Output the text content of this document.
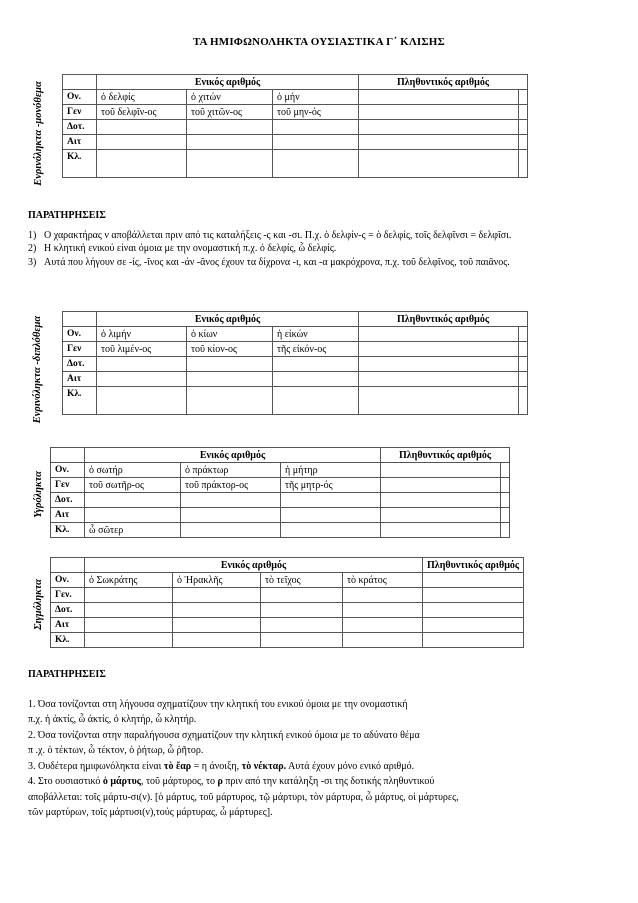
ΤΑ ΗΜΙΦΩΝΟΛΗΚΤΑ ΟΥΣΙΑΣΤΙΚΑ Γ΄ ΚΛΙΣΗΣ
Ενρινόληκτα -μονόθεμα
		Ενικός αριθμός			Πληθυντικός αριθμός	
Ον.	ὁ δελφίς	ὁ χιτών	ὁ μήν		
Γεν	τοῦ δελφῖν-ος	τοῦ χιτῶν-ος	τοῦ μην-ός		
Δοτ.					
Αιτ					
Κλ.					
ΠΑΡΑΤΗΡΗΣΕΙΣ
1) Ο χαρακτήρας ν αποβάλλεται πριν από τις καταλήξεις -ς και -σι. Π.χ. ὁ δελφίν-ς = ὁ δελφίς, τοῖς δελφῖνσι = δελφῖσι.
2) Η κλητική ενικού είναι όμοια με την ονομαστική π.χ. ὁ δελφίς, ὦ δελφίς.
3) Αυτά που λήγουν σε -ίς, -ῖνος και -άν -ᾶνος έχουν τα δίχρονα -ι, και -α μακρόχρονα, π.χ. τοῦ δελφῖνος, τοῦ παιᾶνος.
Ενρινόληκτα -διπλόθεμα
		Ενικός αριθμός			Πληθυντικός αριθμός	
Ον.	ὁ λιμήν	ὁ κίων	ἡ εἰκών		
Γεν	τοῦ λιμέν-ος	τοῦ κίον-ος	τῆς εἰκόν-ος		
Δοτ.					
Αιτ					
Κλ.					
Υγρόληκτα
	Ενικός αριθμός			Πληθυντικός αριθμός	
Ον.	ὁ σωτήρ	ὁ πράκτωρ	ἡ μήτηρ		
Γεν	τοῦ σωτῆρ-ος	τοῦ πράκτορ-ος	τῆς μητρ-ός		
Δοτ.					
Αιτ					
Κλ.	ὦ σῶτερ				
Σιγμόληκτα
	Ενικός αριθμός				Πληθυντικός αριθμός
Ον.	ὁ Σωκράτης	ὁ Ἡρακλῆς	τὸ τεῖχος	τὸ κράτος	
Γεν.					
Δοτ.					
Αιτ					
Κλ.					
ΠΑΡΑΤΗΡΗΣΕΙΣ
1. Όσα τονίζονται στη λήγουσα σχηματίζουν την κλητική του ενικού όμοια με την ονομαστική
π.χ. ἡ ἀκτίς, ὦ ἀκτίς, ὁ κλητήρ, ὦ κλητήρ.
2. Όσα τονίζονται στην παραλήγουσα σχηματίζουν την κλητική ενικού όμοια με το αδύνατο θέμα
π .χ. ὁ τέκτων, ὦ τέκτον, ὁ ῥήτωρ, ὦ ῥῆτορ.
3. Ουδέτερα ημιφωνόληκτα είναι τὸ ἔαρ = η άνοιξη, τὸ νέκταρ. Αυτά έχουν μόνο ενικό αριθμό.
4. Στο ουσιαστικό ὁ μάρτυς, τοῦ μάρτυρος, το ρ πριν από την κατάληξη -σι της δοτικής πληθυντικού
αποβάλλεται: τοῖς μάρτυ-σι(ν). [ὁ μάρτυς, τοῦ μάρτυρος, τῷ μάρτυρι, τὸν μάρτυρα, ὦ μάρτυς, οἱ μάρτυρες,
τῶν μαρτύρων, τοῖς μάρτυσι(ν),τούς μάρτυρας, ὦ μάρτυρες].
